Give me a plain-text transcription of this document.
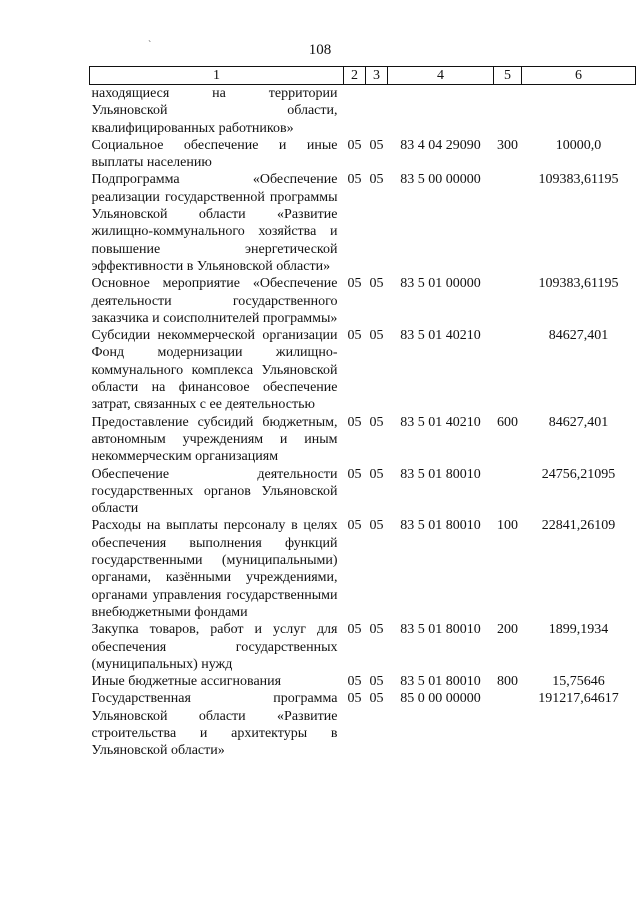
ˋ	108
1	2	3	4	5	6
находящиеся на территории Ульяновской области, квалифицированных работников»					
Социальное обеспечение и иные выплаты населению	05	05	83 4 04 29090	300	10000,0
Подпрограмма «Обеспечение реализации государственной программы Ульяновской области «Развитие жилищно-коммунального хозяйства и повышение энергетической эффективности в Ульяновской области»	05	05	83 5 00 00000		109383,61195
Основное мероприятие «Обеспечение деятельности государственного заказчика и соисполнителей программы»	05	05	83 5 01 00000		109383,61195
Субсидии некоммерческой организации Фонд модернизации жилищно-коммунального комплекса Ульяновской области на финансовое обеспечение затрат, связанных с ее деятельностью	05	05	83 5 01 40210		84627,401
Предоставление субсидий бюджетным, автономным учреждениям и иным некоммерческим организациям	05	05	83 5 01 40210	600	84627,401
Обеспечение деятельности государственных органов Ульяновской области	05	05	83 5 01 80010		24756,21095
Расходы на выплаты персоналу в целях обеспечения выполнения функций государственными (муниципальными) органами, казёнными учреждениями, органами управления государственными внебюджетными фондами	05	05	83 5 01 80010	100	22841,26109
Закупка товаров, работ и услуг для обеспечения государственных (муниципальных) нужд	05	05	83 5 01 80010	200	1899,1934
Иные бюджетные ассигнования	05	05	83 5 01 80010	800	15,75646
Государственная программа Ульяновской области «Развитие строительства и архитектуры в Ульяновской области»	05	05	85 0 00 00000		191217,64617
